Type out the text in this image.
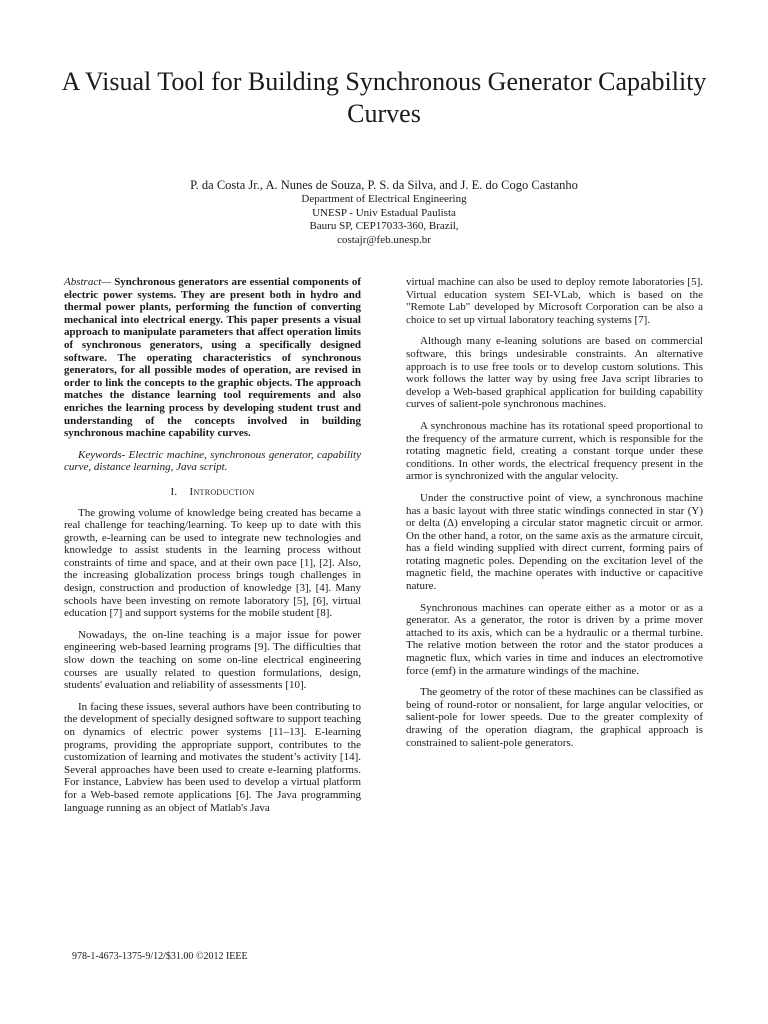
A Visual Tool for Building Synchronous Generator Capability Curves
P. da Costa Jr., A. Nunes de Souza, P. S. da Silva, and J. E. do Cogo Castanho
Department of Electrical Engineering
UNESP - Univ Estadual Paulista
Bauru SP, CEP17033-360, Brazil,
costajr@feb.unesp.br

Abstract— Synchronous generators are essential components of electric power systems. They are present both in hydro and thermal power plants, performing the function of converting mechanical into electrical energy. This paper presents a visual approach to manipulate parameters that affect operation limits of synchronous generators, using a specifically designed software. The operating characteristics of synchronous generators, for all possible modes of operation, are revised in order to link the concepts to the graphic objects. The approach matches the distance learning tool requirements and also enriches the learning process by developing student trust and understanding of the concepts involved in building synchronous machine capability curves.

Keywords- Electric machine, synchronous generator, capability curve, distance learning, Java script.

I. Introduction

The growing volume of knowledge being created has became a real challenge for teaching/learning. To keep up to date with this growth, e-learning can be used to integrate new technologies and knowledge to assist students in the learning process without constraints of time and space, and at their own pace [1], [2]. Also, the increasing globalization process brings tough challenges in design, construction and production of knowledge [3], [4]. Many schools have been investing on remote laboratory [5], [6], virtual education [7] and support systems for the mobile student [8].

Nowadays, the on-line teaching is a major issue for power engineering web-based learning programs [9]. The difficulties that slow down the teaching on some on-line electrical engineering courses are usually related to question formulations, design, students' evaluation and reliability of assessments [10].

In facing these issues, several authors have been contributing to the development of specially designed software to support teaching on dynamics of electric power systems [11–13]. E-learning programs, providing the appropriate support, contributes to the customization of learning and motivates the student’s activity [14]. Several approaches have been used to create e-learning platforms. For instance, Labview has been used to develop a virtual platform for a Web-based remote applications [6]. The Java programming language running as an object of Matlab's Java

virtual machine can also be used to deploy remote laboratories [5]. Virtual education system SEI-VLab, which is based on the "Remote Lab" developed by Microsoft Corporation can be also a choice to set up virtual laboratory teaching systems [7].

Although many e-leaning solutions are based on commercial software, this brings undesirable constraints. An alternative approach is to use free tools or to develop custom solutions. This work follows the latter way by using free Java script libraries to develop a Web-based graphical application for building capability curves of salient-pole synchronous machines.

A synchronous machine has its rotational speed proportional to the frequency of the armature current, which is responsible for the rotating magnetic field, creating a constant torque under these conditions. In other words, the electrical frequency present in the armor is synchronized with the angular velocity.

Under the constructive point of view, a synchronous machine has a basic layout with three static windings connected in star (Y) or delta (Δ) enveloping a circular stator magnetic circuit or armor. On the other hand, a rotor, on the same axis as the armature circuit, has a field winding supplied with direct current, forming pairs of rotating magnetic poles. Depending on the excitation level of the magnetic field, the machine operates with inductive or capacitive nature.

Synchronous machines can operate either as a motor or as a generator. As a generator, the rotor is driven by a prime mover attached to its axis, which can be a hydraulic or a thermal turbine. The relative motion between the rotor and the stator produces a magnetic flux, which varies in time and induces an electromotive force (emf) in the armature windings of the machine.

The geometry of the rotor of these machines can be classified as being of round-rotor or nonsalient, for large angular velocities, or salient-pole for lower speeds. Due to the greater complexity of drawing of the operation diagram, the graphical approach is constrained to salient-pole generators.

978-1-4673-1375-9/12/$31.00 ©2012 IEEE
